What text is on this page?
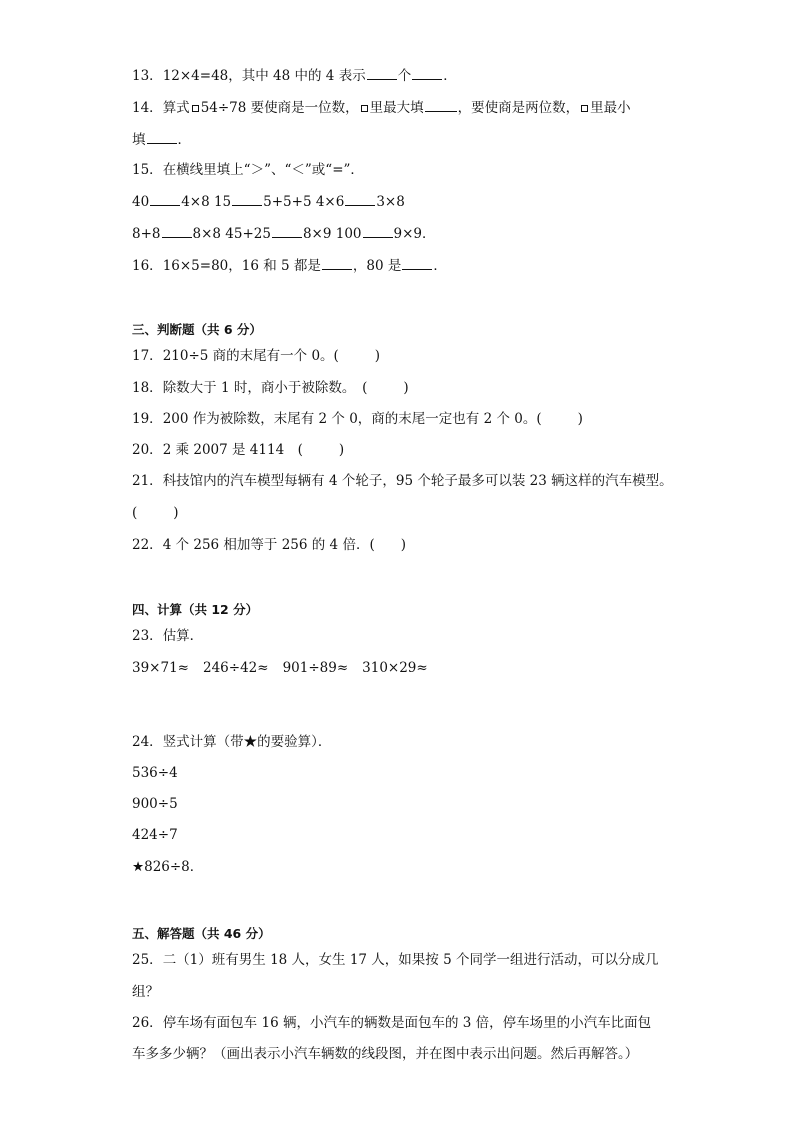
13．12×4=48，其中 48 中的 4 表示 个 ．
14．算式 54÷78 要使商是一位数， 里最大填	，要使商是两位数， 里最小
填 ．
15．在横线里填上“＞”、“＜”或“=”．
40 4×8 15 5+5+5 4×6 3×8
8+8 8×8 45+25 8×9 100 9×9．
16．16×5=80，16 和 5 都是 ，80 是 ．
三、判断题（共 6 分）
17．210÷5 商的末尾有一个 0。(	)
18．除数大于 1 时，商小于被除数。　(	)
19．200 作为被除数，末尾有 2 个 0，商的末尾一定也有 2 个 0。(	)
20．2 乘 2007 是 4114　(	)
21．科技馆内的汽车模型每辆有 4 个轮子，95 个轮子最多可以装 23 辆这样的汽车模型。
(	)
22．4 个 256 相加等于 256 的 4 倍．( )
四、计算（共 12 分）
23．估算．
39×71≈ 246÷42≈ 901÷89≈ 310×29≈
24．竖式计算（带★的要验算）．
536÷4
900÷5
424÷7
★826÷8．
五、解答题（共 46 分）
25．二（1）班有男生 18 人，女生 17 人，如果按 5 个同学一组进行活动，可以分成几
组？
26．停车场有面包车 16 辆，小汽车的辆数是面包车的 3 倍，停车场里的小汽车比面包
车多多少辆？（画出表示小汽车辆数的线段图，并在图中表示出问题。然后再解答。）
